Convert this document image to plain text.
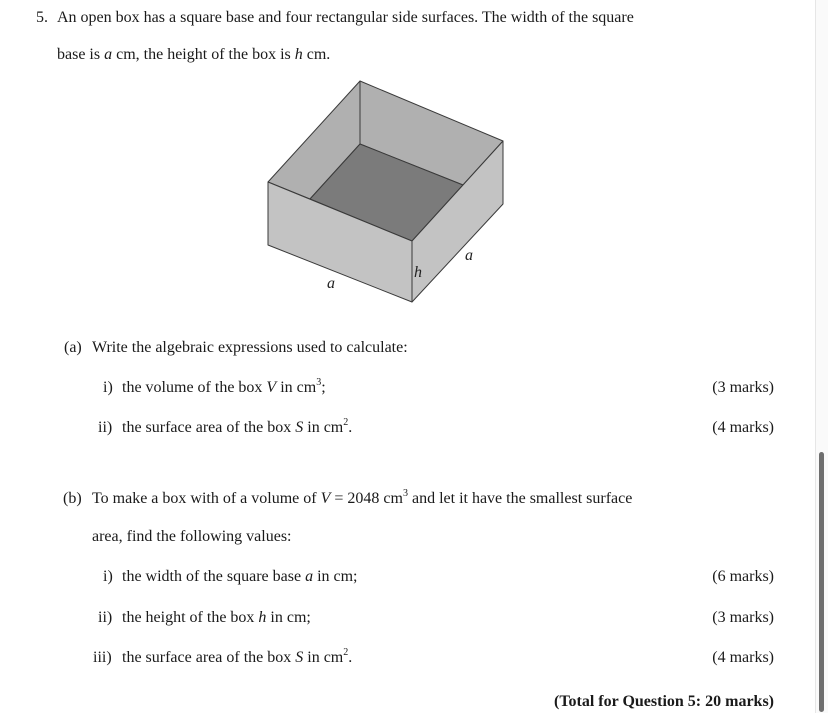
5. An open box has a square base and four rectangular side surfaces. The width of the square
base is a cm, the height of the box is h cm.
a
h
a
(a) Write the algebraic expressions used to calculate:
i) the volume of the box V in $cm^3$;	(3 marks)
ii) the surface area of the box S in $cm^2$.	(4 marks)
(b) To make a box with of a volume of V = 2048 $cm^3$ and let it have the smallest surface
area, find the following values:
i) the width of the square base a in cm;	(6 marks)
ii) the height of the box h in cm;	(3 marks)
iii) the surface area of the box S in $cm^2$.	(4 marks)
(Total for Question 5: 20 marks)
